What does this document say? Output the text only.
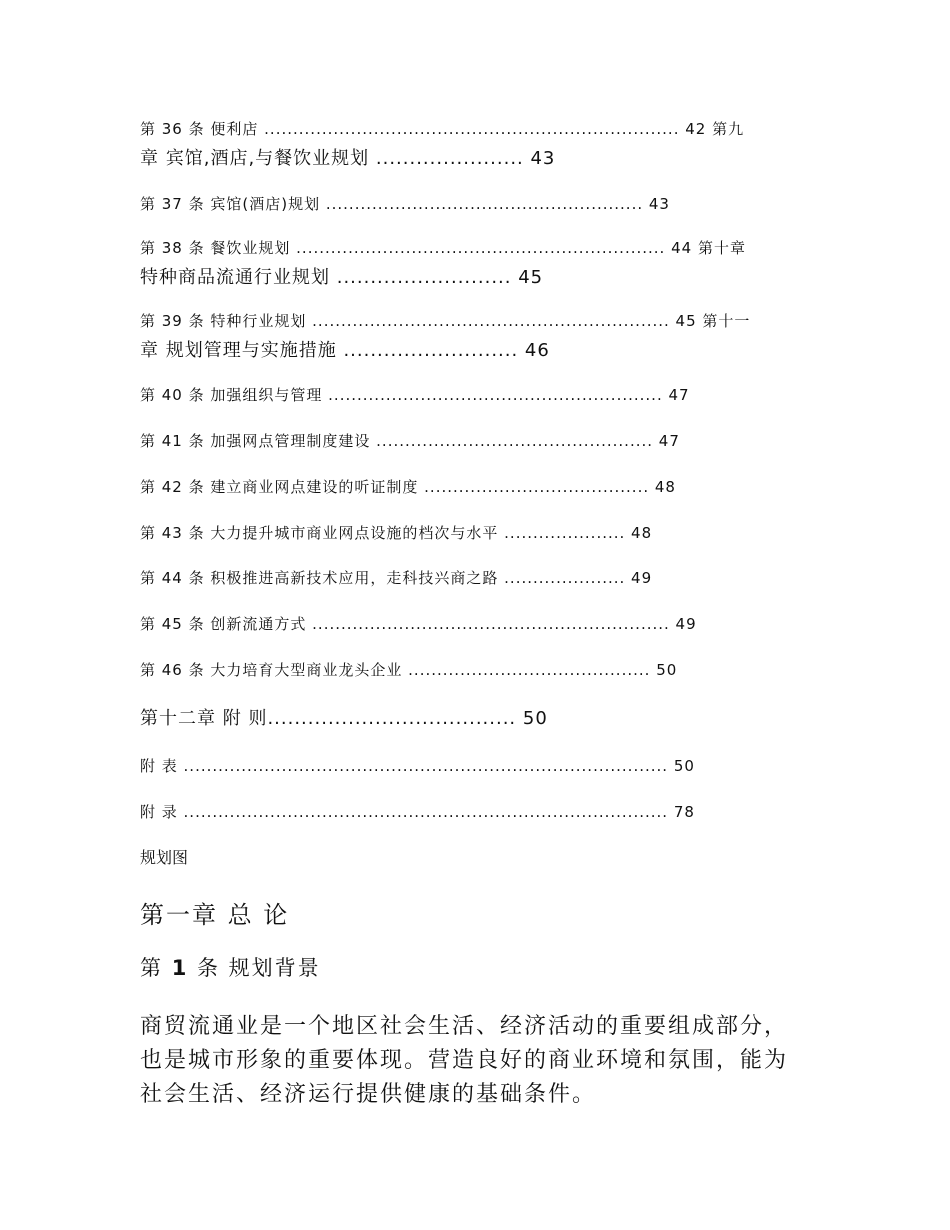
第 36 条 便利店 ........................................................................ 42 第九
章 宾馆,酒店,与餐饮业规划 ...................... 43
第 37 条 宾馆(酒店)规划 ....................................................... 43
第 38 条 餐饮业规划 ................................................................ 44 第十章
特种商品流通行业规划 .......................... 45
第 39 条 特种行业规划 .............................................................. 45 第十一
章 规划管理与实施措施 .......................... 46
第 40 条 加强组织与管理 .......................................................... 47
第 41 条 加强网点管理制度建设 ................................................ 47
第 42 条 建立商业网点建设的听证制度 ....................................... 48
第 43 条 大力提升城市商业网点设施的档次与水平 ..................... 48
第 44 条 积极推进高新技术应用，走科技兴商之路 ..................... 49
第 45 条 创新流通方式 .............................................................. 49
第 46 条 大力培育大型商业龙头企业 .......................................... 50
第十二章 附 则..................................... 50
附 表 .................................................................................... 50
附 录 .................................................................................... 78
规划图
第一章 总 论
第 1 条 规划背景
商贸流通业是一个地区社会生活、经济活动的重要组成部分，
也是城市形象的重要体现。营造良好的商业环境和氛围，能为
社会生活、经济运行提供健康的基础条件。
